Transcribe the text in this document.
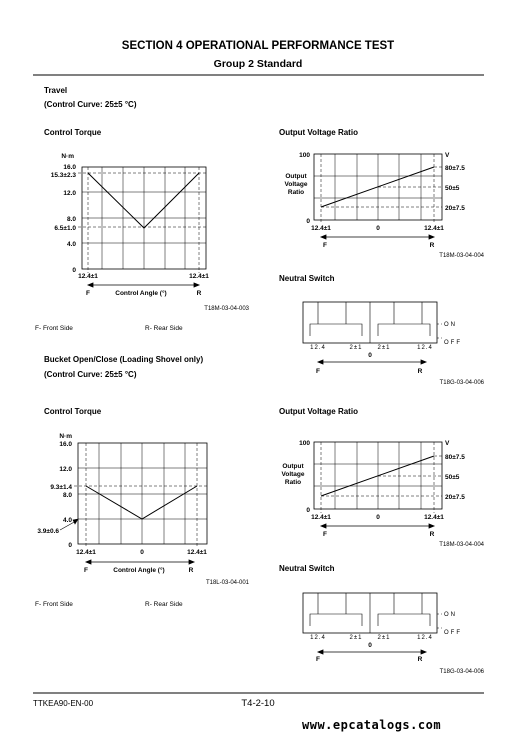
SECTION 4 OPERATIONAL PERFORMANCE TEST
Group 2 Standard
Travel
(Control Curve: 25±5 °C)
Control Torque	Output Voltage Ratio
Neutral Switch
F- Front Side	R- Rear Side
N·m
16.0
15.3±2.3
12.0
8.0
6.5±1.0
4.0
0
12.4±1	12.4±1
F	R
Control Angle (°)
T18M-03-04-003
100
0
Output
Voltage
Ratio
V
80±7.5
50±5
20±7.5
12.4±1	0	12.4±1
F	R
T18M-03-04-004
ON
OFF
12.4	2±1	2±1	12.4
0
F	R
T18G-03-04-006
Bucket Open/Close (Loading Shovel only)
(Control Curve: 25±5 °C)
Control Torque	Output Voltage Ratio
Neutral Switch
F- Front Side	R- Rear Side
N·m
16.0
12.0
9.3±1.4
8.0
4.0
3.9±0.6
0
12.4±1	0	12.4±1
F	R
Control Angle (°)
T18L-03-04-001
100
0
Output
Voltage
Ratio
V
80±7.5
50±5
20±7.5
12.4±1	0	12.4±1
F	R
T18M-03-04-004
ON
OFF
12.4	2±1	2±1	12.4
0
F	R
T18G-03-04-006
TTKEA90-EN-00	T4-2-10
www.epcatalogs.com
